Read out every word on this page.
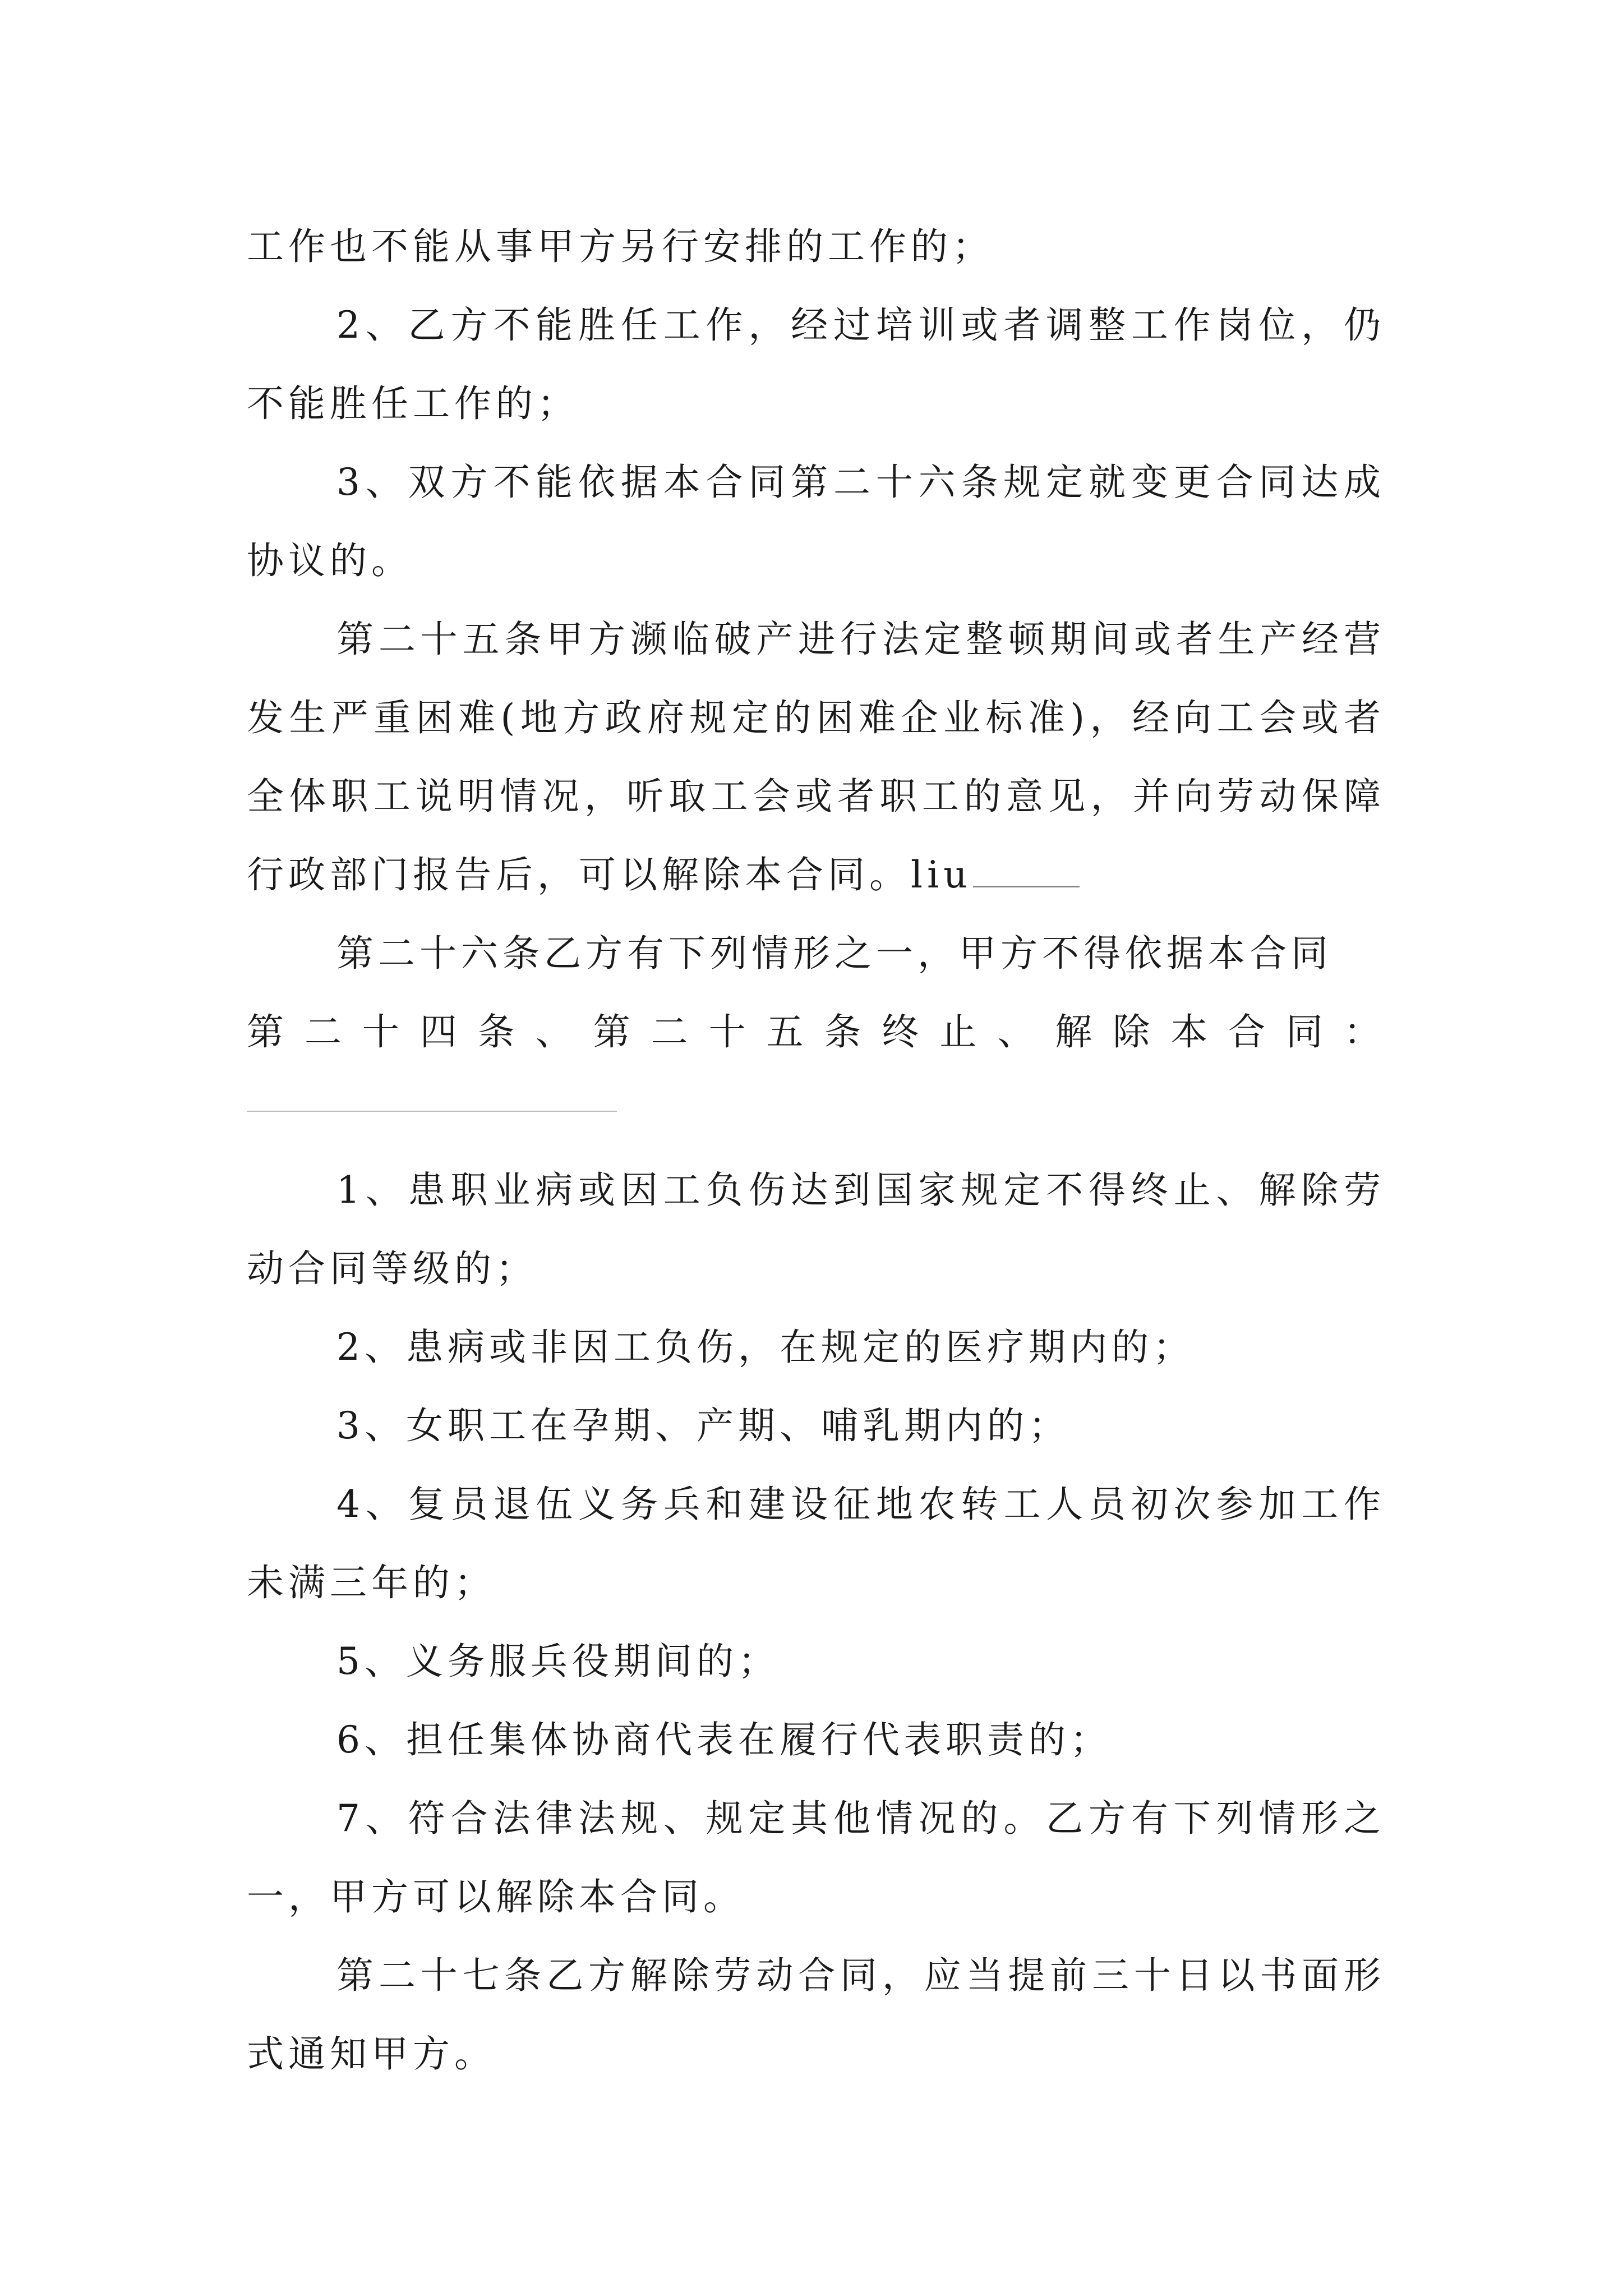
工作也不能从事甲方另行安排的工作的；

2、乙方不能胜任工作，经过培训或者调整工作岗位，仍不能胜任工作的；

3、双方不能依据本合同第二十六条规定就变更合同达成协议的。

第二十五条甲方濒临破产进行法定整顿期间或者生产经营发生严重困难(地方政府规定的困难企业标准)，经向工会或者全体职工说明情况，听取工会或者职工的意见，并向劳动保障行政部门报告后，可以解除本合同。liu

第二十六条乙方有下列情形之一，甲方不得依据本合同

第二十四条、第二十五条终止、解除本合同：

1、患职业病或因工负伤达到国家规定不得终止、解除劳动合同等级的；

2、患病或非因工负伤，在规定的医疗期内的；

3、女职工在孕期、产期、哺乳期内的；

4、复员退伍义务兵和建设征地农转工人员初次参加工作未满三年的；

5、义务服兵役期间的；

6、担任集体协商代表在履行代表职责的；

7、符合法律法规、规定其他情况的。乙方有下列情形之一，甲方可以解除本合同。

第二十七条乙方解除劳动合同，应当提前三十日以书面形式通知甲方。
